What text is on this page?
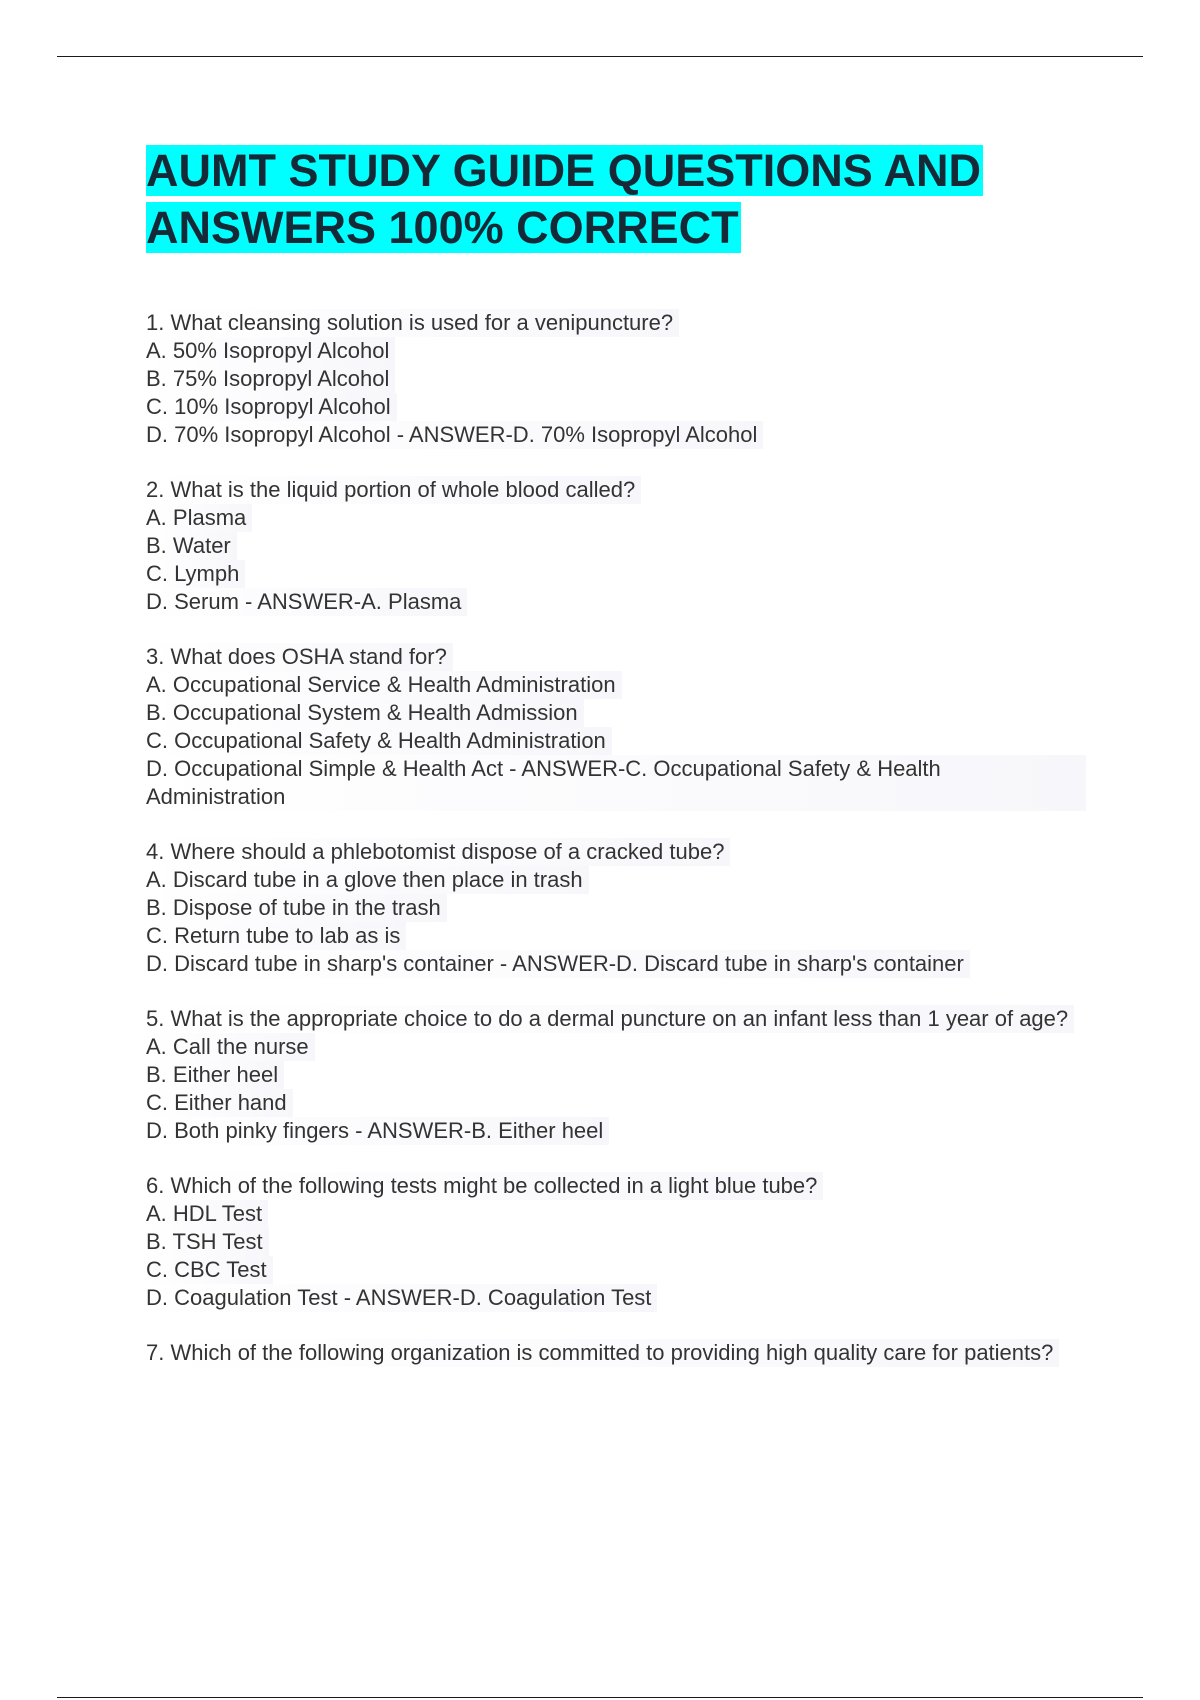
AUMT STUDY GUIDE QUESTIONS AND ANSWERS 100% CORRECT
1. What cleansing solution is used for a venipuncture?
A. 50% Isopropyl Alcohol
B. 75% Isopropyl Alcohol
C. 10% Isopropyl Alcohol
D. 70% Isopropyl Alcohol - ANSWER-D. 70% Isopropyl Alcohol
2. What is the liquid portion of whole blood called?
A. Plasma
B. Water
C. Lymph
D. Serum - ANSWER-A. Plasma
3. What does OSHA stand for?
A. Occupational Service & Health Administration
B. Occupational System & Health Admission
C. Occupational Safety & Health Administration
D. Occupational Simple & Health Act - ANSWER-C. Occupational Safety & Health Administration
4. Where should a phlebotomist dispose of a cracked tube?
A. Discard tube in a glove then place in trash
B. Dispose of tube in the trash
C. Return tube to lab as is
D. Discard tube in sharp's container - ANSWER-D. Discard tube in sharp's container
5. What is the appropriate choice to do a dermal puncture on an infant less than 1 year of age?
A. Call the nurse
B. Either heel
C. Either hand
D. Both pinky fingers - ANSWER-B. Either heel
6. Which of the following tests might be collected in a light blue tube?
A. HDL Test
B. TSH Test
C. CBC Test
D. Coagulation Test - ANSWER-D. Coagulation Test
7. Which of the following organization is committed to providing high quality care for patients?
